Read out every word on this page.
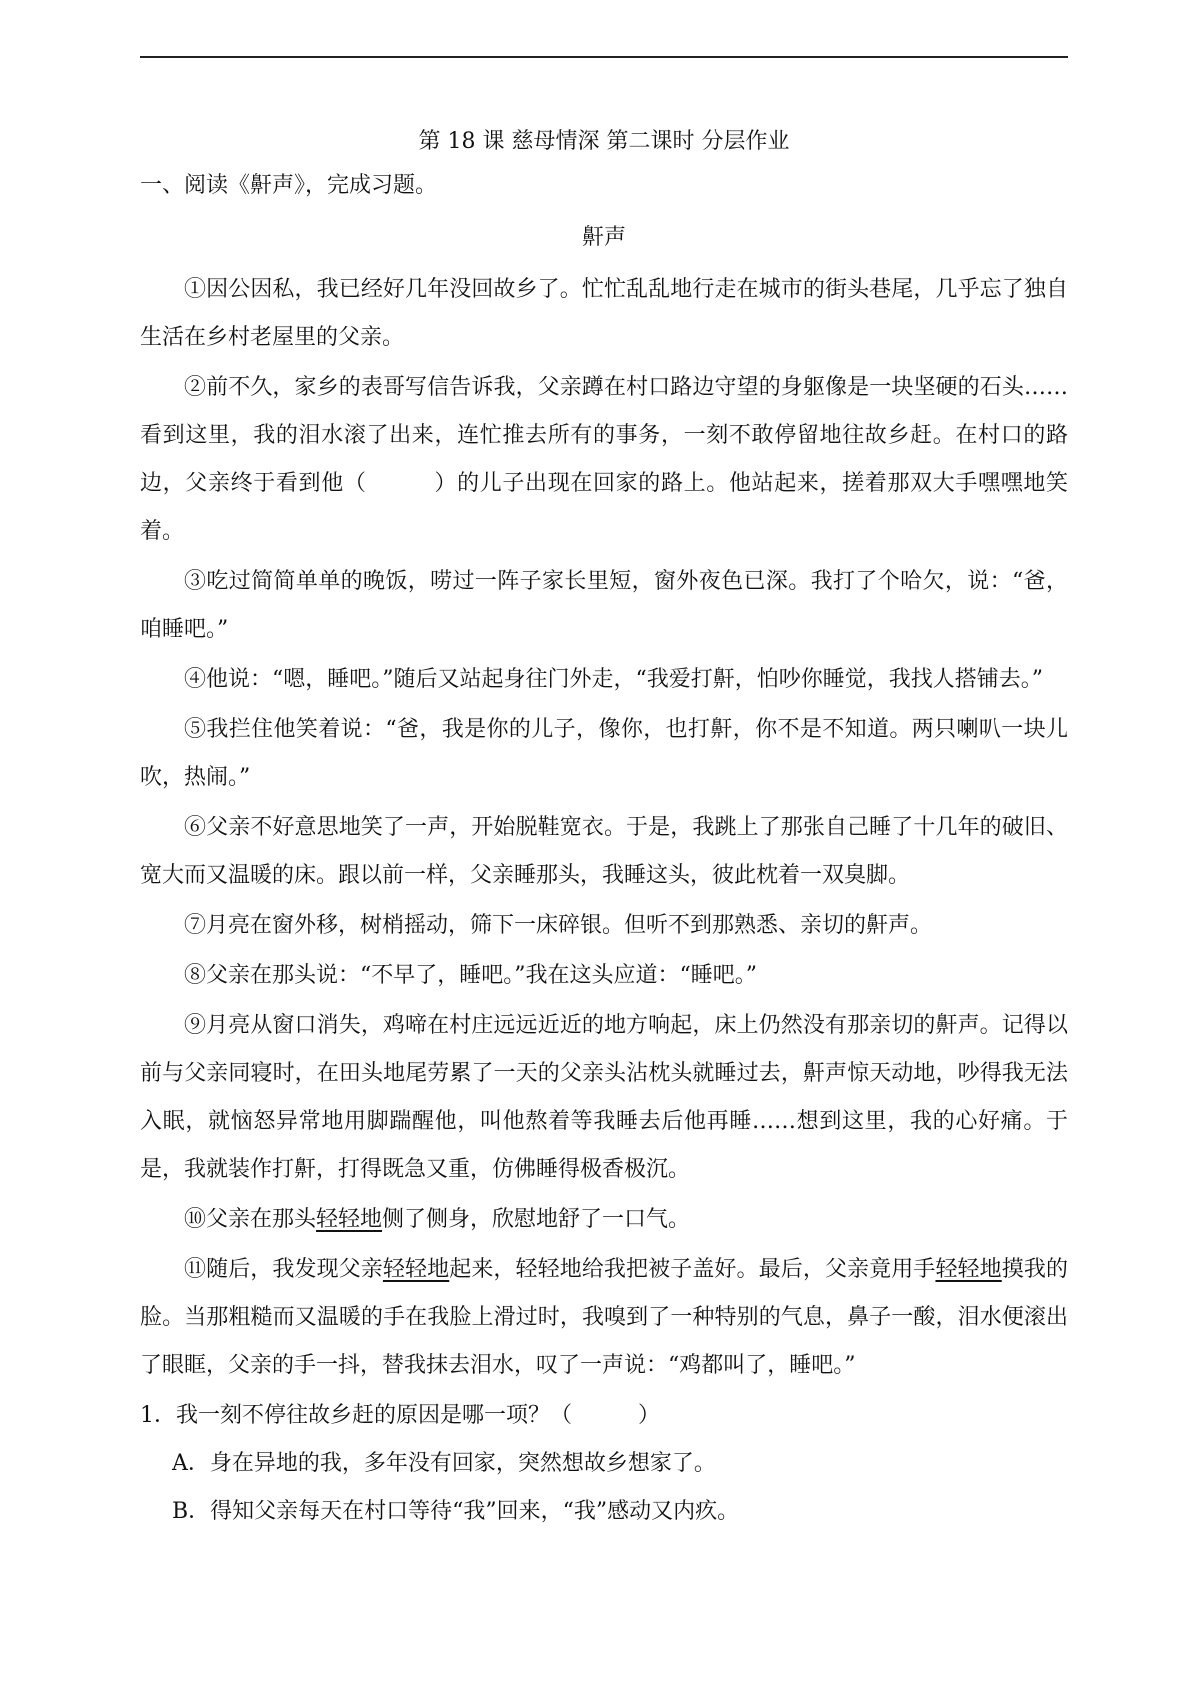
第 18 课 慈母情深 第二课时 分层作业
一、阅读《鼾声》，完成习题。
鼾声

①因公因私，我已经好几年没回故乡了。忙忙乱乱地行走在城市的街头巷尾，几乎忘了独自生活在乡村老屋里的父亲。

②前不久，家乡的表哥写信告诉我，父亲蹲在村口路边守望的身躯像是一块坚硬的石头……看到这里，我的泪水滚了出来，连忙推去所有的事务，一刻不敢停留地往故乡赶。在村口的路边，父亲终于看到他（　　　）的儿子出现在回家的路上。他站起来，搓着那双大手嘿嘿地笑着。

③吃过简简单单的晚饭，唠过一阵子家长里短，窗外夜色已深。我打了个哈欠，说：“爸，咱睡吧。”

④他说：“嗯，睡吧。”随后又站起身往门外走，“我爱打鼾，怕吵你睡觉，我找人搭铺去。”

⑤我拦住他笑着说：“爸，我是你的儿子，像你，也打鼾，你不是不知道。两只喇叭一块儿吹，热闹。”

⑥父亲不好意思地笑了一声，开始脱鞋宽衣。于是，我跳上了那张自己睡了十几年的破旧、宽大而又温暖的床。跟以前一样，父亲睡那头，我睡这头，彼此枕着一双臭脚。

⑦月亮在窗外移，树梢摇动，筛下一床碎银。但听不到那熟悉、亲切的鼾声。

⑧父亲在那头说：“不早了，睡吧。”我在这头应道：“睡吧。”

⑨月亮从窗口消失，鸡啼在村庄远远近近的地方响起，床上仍然没有那亲切的鼾声。记得以前与父亲同寝时，在田头地尾劳累了一天的父亲头沾枕头就睡过去，鼾声惊天动地，吵得我无法入眠，就恼怒异常地用脚踹醒他，叫他熬着等我睡去后他再睡……想到这里，我的心好痛。于是，我就装作打鼾，打得既急又重，仿佛睡得极香极沉。

⑩父亲在那头轻轻地侧了侧身，欣慰地舒了一口气。

⑪随后，我发现父亲轻轻地起来，轻轻地给我把被子盖好。最后，父亲竟用手轻轻地摸我的脸。当那粗糙而又温暖的手在我脸上滑过时，我嗅到了一种特别的气息，鼻子一酸，泪水便滚出了眼眶，父亲的手一抖，替我抹去泪水，叹了一声说：“鸡都叫了，睡吧。”

1．我一刻不停往故乡赶的原因是哪一项？（　　　）
A．身在异地的我，多年没有回家，突然想故乡想家了。
B．得知父亲每天在村口等待“我”回来，“我”感动又内疚。
